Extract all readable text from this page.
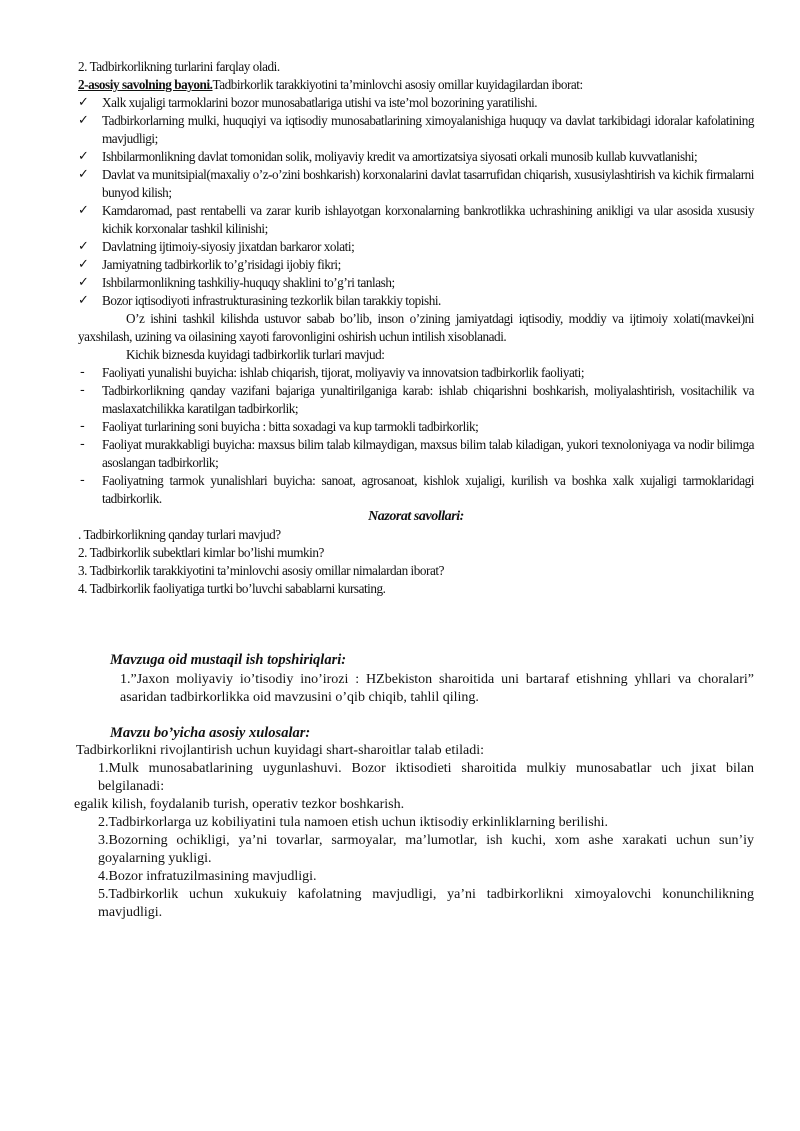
2. Tadbirkorlikning turlarini farqlay oladi.

2-asosiy savolning bayoni.Tadbirkorlik tarakkiyotini ta’minlovchi asosiy omillar kuyidagilardan iborat:

✓ Xalk xujaligi tarmoklarini bozor munosabatlariga utishi va iste’mol bozorining yaratilishi.

✓ Tadbirkorlarning mulki, huquqiyi va iqtisodiy munosabatlarining ximoyalanishiga huquqy va davlat tarkibidagi idoralar kafolatining mavjudligi;

✓ Ishbilarmonlikning davlat tomonidan solik, moliyaviy kredit va amortizatsiya siyosati orkali munosib kullab kuvvatlanishi;

✓ Davlat va munitsipial(maxaliy o’z-o’zini boshkarish) korxonalarini davlat tasarrufidan chiqarish, xususiylashtirish va kichik firmalarni bunyod kilish;

✓ Kamdaromad, past rentabelli va zarar kurib ishlayotgan korxonalarning bankrotlikka uchrashining anikligi va ular asosida xususiy kichik korxonalar tashkil kilinishi;

✓ Davlatning ijtimoiy-siyosiy jixatdan barkaror xolati;

✓ Jamiyatning tadbirkorlik to’g’risidagi ijobiy fikri;

✓ Ishbilarmonlikning tashkiliy-huquqy shaklini to’g’ri tanlash;

✓ Bozor iqtisodiyoti infrastrukturasining tezkorlik bilan tarakkiy topishi.

O’z ishini tashkil kilishda ustuvor sabab bo’lib, inson o’zining jamiyatdagi iqtisodiy, moddiy va ijtimoiy xolati(mavkei)ni yaxshilash, uzining va oilasining xayoti farovonligini oshirish uchun intilish xisoblanadi.

Kichik biznesda kuyidagi tadbirkorlik turlari mavjud:

- Faoliyati yunalishi buyicha: ishlab chiqarish, tijorat, moliyaviy va innovatsion tadbirkorlik faoliyati;

- Tadbirkorlikning qanday vazifani bajariga yunaltirilganiga karab: ishlab chiqarishni boshkarish, moliyalashtirish, vositachilik va maslaxatchilikka karatilgan tadbirkorlik;

- Faoliyat turlarining soni buyicha : bitta soxadagi va kup tarmokli tadbirkorlik;

- Faoliyat murakkabligi buyicha: maxsus bilim talab kilmaydigan, maxsus bilim talab kiladigan, yukori texnoloniyaga va nodir bilimga asoslangan tadbirkorlik;

- Faoliyatning tarmok yunalishlari buyicha: sanoat, agrosanoat, kishlok xujaligi, kurilish va boshka xalk xujaligi tarmoklaridagi tadbirkorlik.

Nazorat savollari:

. Tadbirkorlikning qanday turlari mavjud?

2. Tadbirkorlik subektlari kimlar bo’lishi mumkin?

3. Tadbirkorlik tarakkiyotini ta’minlovchi asosiy omillar nimalardan iborat?

4. Tadbirkorlik faoliyatiga turtki bo’luvchi sabablarni kursating.

Mavzuga oid mustaqil ish topshiriqlari:

1.”Jaxon moliyaviy io’tisodiy ino’irozi : HZbekiston sharoitida uni bartaraf etishning yhllari va choralari” asaridan tadbirkorlikka oid mavzusini o’qib chiqib, tahlil qiling.

Mavzu bo’yicha asosiy xulosalar:

Tadbirkorlikni rivojlantirish uchun kuyidagi shart-sharoitlar talab etiladi:

1.Mulk munosabatlarining uygunlashuvi. Bozor iktisodieti sharoitida mulkiy munosabatlar uch jixat bilan belgilanadi:

egalik kilish, foydalanib turish, operativ tezkor boshkarish.

2.Tadbirkorlarga uz kobiliyatini tula namoen etish uchun iktisodiy erkinliklarning berilishi.

3.Bozorning ochikligi, ya’ni tovarlar, sarmoyalar, ma’lumotlar, ish kuchi, xom ashe xarakati uchun sun’iy goyalarning yukligi.

4.Bozor infratuzilmasining mavjudligi.

5.Tadbirkorlik uchun xukukuiy kafolatning mavjudligi, ya’ni tadbirkorlikni ximoyalovchi konunchilikning mavjudligi.
